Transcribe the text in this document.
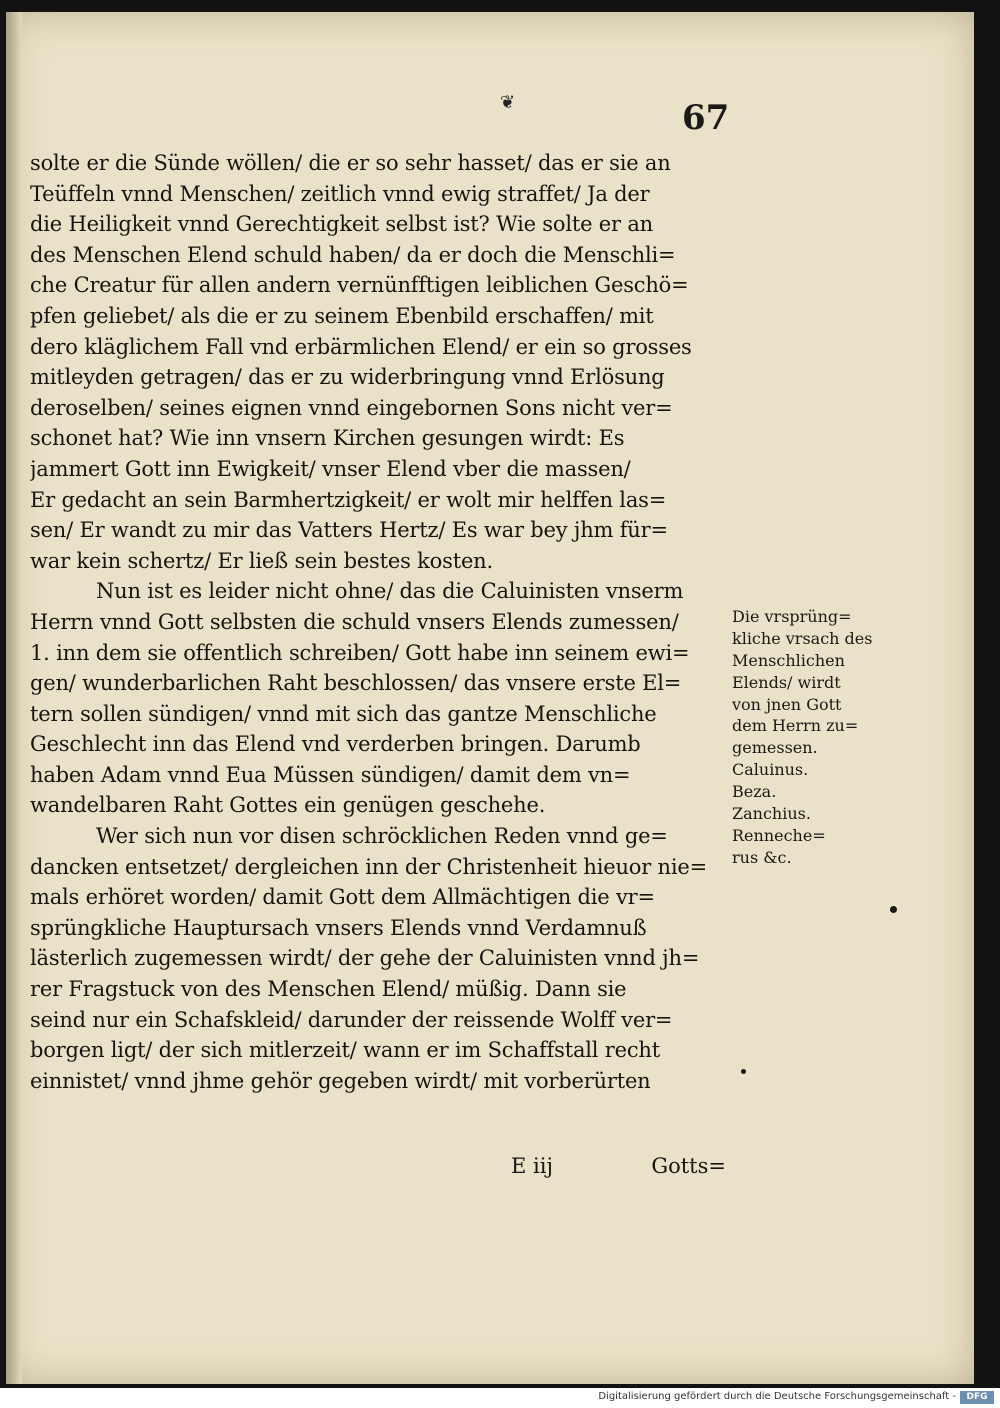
❦	67
solte er die Sünde wöllen/ die er so sehr hasset/ das er sie an
Teüffeln vnnd Menschen/ zeitlich vnnd ewig straffet/ Ja der
die Heiligkeit vnnd Gerechtigkeit selbst ist? Wie solte er an
des Menschen Elend schuld haben/ da er doch die Menschli=
che Creatur für allen andern vernünfftigen leiblichen Geschö=
pfen geliebet/ als die er zu seinem Ebenbild erschaffen/ mit
dero kläglichem Fall vnd erbärmlichen Elend/ er ein so grosses
mitleyden getragen/ das er zu widerbringung vnnd Erlösung
deroselben/ seines eignen vnnd eingebornen Sons nicht ver=
schonet hat? Wie inn vnsern Kirchen gesungen wirdt: Es
jammert Gott inn Ewigkeit/ vnser Elend vber die massen/
Er gedacht an sein Barmhertzigkeit/ er wolt mir helffen las=
sen/ Er wandt zu mir das Vatters Hertz/ Es war bey jhm für=
war kein schertz/ Er ließ sein bestes kosten.
Nun ist es leider nicht ohne/ das die Caluinisten vnserm
Herrn vnnd Gott selbsten die schuld vnsers Elends zumessen/
1. inn dem sie offentlich schreiben/ Gott habe inn seinem ewi=
gen/ wunderbarlichen Raht beschlossen/ das vnsere erste El=
tern sollen sündigen/ vnnd mit sich das gantze Menschliche
Geschlecht inn das Elend vnd verderben bringen. Darumb
haben Adam vnnd Eua Müssen sündigen/ damit dem vn=
wandelbaren Raht Gottes ein genügen geschehe.
Wer sich nun vor disen schröcklichen Reden vnnd ge=
dancken entsetzet/ dergleichen inn der Christenheit hieuor nie=
mals erhöret worden/ damit Gott dem Allmächtigen die vr=
sprüngkliche Hauptursach vnsers Elends vnnd Verdamnuß
lästerlich zugemessen wirdt/ der gehe der Caluinisten vnnd jh=
rer Fragstuck von des Menschen Elend/ müßig. Dann sie
seind nur ein Schafskleid/ darunder der reissende Wolff ver=
borgen ligt/ der sich mitlerzeit/ wann er im Schaffstall recht
einnistet/ vnnd jhme gehör gegeben wirdt/ mit vorberürten
E iij	Gotts=
Die vrsprüng=
kliche vrsach des
Menschlichen
Elends/ wirdt
von jnen Gott
dem Herrn zu=
gemessen.
Caluinus.
Beza.
Zanchius.
Renneche=
rus &c.
Digitalisierung gefördert durch die Deutsche Forschungsgemeinschaft -	DFG
